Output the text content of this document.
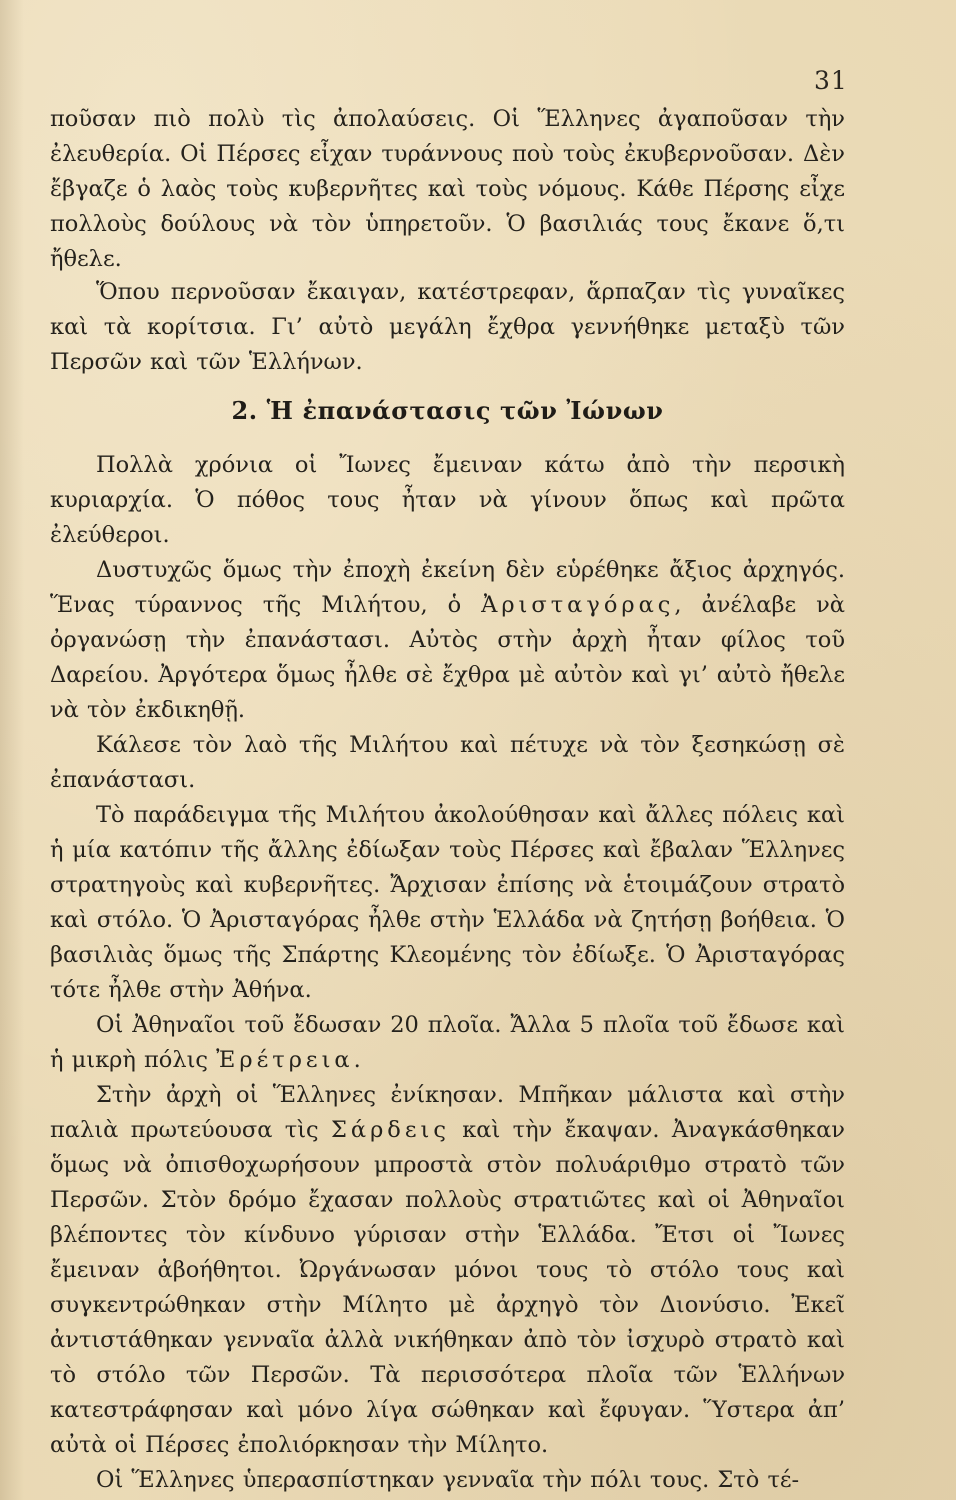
31

ποῦσαν πιὸ πολὺ τὶς ἀπολαύσεις. Οἱ Ἕλληνες ἀγαποῦσαν τὴν ἐλευθερία. Οἱ Πέρσες εἶχαν τυράννους ποὺ τοὺς ἐκυβερνοῦσαν. Δὲν ἔβγαζε ὁ λαὸς τοὺς κυβερνῆτες καὶ τοὺς νόμους. Κάθε Πέρσης εἶχε πολλοὺς δούλους νὰ τὸν ὑπηρετοῦν. Ὁ βασιλιάς τους ἔκανε ὅ,τι ἤθελε.

Ὅπου περνοῦσαν ἔκαιγαν, κατέστρεφαν, ἅρπαζαν τὶς γυναῖκες καὶ τὰ κορίτσια. Γι’ αὐτὸ μεγάλη ἔχθρα γεννήθηκε μεταξὺ τῶν Περσῶν καὶ τῶν Ἑλλήνων.

2. Ἡ ἐπανάστασις τῶν Ἰώνων

Πολλὰ χρόνια οἱ Ἴωνες ἔμειναν κάτω ἀπὸ τὴν περσικὴ κυριαρχία. Ὁ πόθος τους ἦταν νὰ γίνουν ὅπως καὶ πρῶτα ἐλεύθεροι.

Δυστυχῶς ὅμως τὴν ἐποχὴ ἐκείνη δὲν εὑρέθηκε ἄξιος ἀρχηγός. Ἕνας τύραννος τῆς Μιλήτου, ὁ Ἀρισταγόρας, ἀνέλαβε νὰ ὀργανώσῃ τὴν ἐπανάστασι. Αὐτὸς στὴν ἀρχὴ ἦταν φίλος τοῦ Δαρείου. Ἀργότερα ὅμως ἦλθε σὲ ἔχθρα μὲ αὐτὸν καὶ γι’ αὐτὸ ἤθελε νὰ τὸν ἐκδικηθῇ.

Κάλεσε τὸν λαὸ τῆς Μιλήτου καὶ πέτυχε νὰ τὸν ξεσηκώσῃ σὲ ἐπανάστασι.

Τὸ παράδειγμα τῆς Μιλήτου ἀκολούθησαν καὶ ἄλλες πόλεις καὶ ἡ μία κατόπιν τῆς ἄλλης ἐδίωξαν τοὺς Πέρσες καὶ ἔβαλαν Ἕλληνες στρατηγοὺς καὶ κυβερνῆτες. Ἄρχισαν ἐπίσης νὰ ἑτοιμάζουν στρατὸ καὶ στόλο. Ὁ Ἀρισταγόρας ἦλθε στὴν Ἑλλάδα νὰ ζητήσῃ βοήθεια. Ὁ βασιλιὰς ὅμως τῆς Σπάρτης Κλεομένης τὸν ἐδίωξε. Ὁ Ἀρισταγόρας τότε ἦλθε στὴν Ἀθήνα.

Οἱ Ἀθηναῖοι τοῦ ἔδωσαν 20 πλοῖα. Ἄλλα 5 πλοῖα τοῦ ἔδωσε καὶ ἡ μικρὴ πόλις Ἐρέτρεια.

Στὴν ἀρχὴ οἱ Ἕλληνες ἐνίκησαν. Μπῆκαν μάλιστα καὶ στὴν παλιὰ πρωτεύουσα τὶς Σάρδεις καὶ τὴν ἔκαψαν. Ἀναγκάσθηκαν ὅμως νὰ ὀπισθοχωρήσουν μπροστὰ στὸν πολυάριθμο στρατὸ τῶν Περσῶν. Στὸν δρόμο ἔχασαν πολλοὺς στρατιῶτες καὶ οἱ Ἀθηναῖοι βλέποντες τὸν κίνδυνο γύρισαν στὴν Ἑλλάδα. Ἔτσι οἱ Ἴωνες ἔμειναν ἀβοήθητοι. Ὠργάνωσαν μόνοι τους τὸ στόλο τους καὶ συγκεντρώθηκαν στὴν Μίλητο μὲ ἀρχηγὸ τὸν Διονύσιο. Ἐκεῖ ἀντιστάθηκαν γενναῖα ἀλλὰ νικήθηκαν ἀπὸ τὸν ἰσχυρὸ στρατὸ καὶ τὸ στόλο τῶν Περσῶν. Τὰ περισσότερα πλοῖα τῶν Ἑλλήνων κατεστράφησαν καὶ μόνο λίγα σώθηκαν καὶ ἔφυγαν. Ὕστερα ἀπ’ αὐτὰ οἱ Πέρσες ἐπολιόρκησαν τὴν Μίλητο.

Οἱ Ἕλληνες ὑπερασπίστηκαν γενναῖα τὴν πόλι τους. Στὸ τέ-
